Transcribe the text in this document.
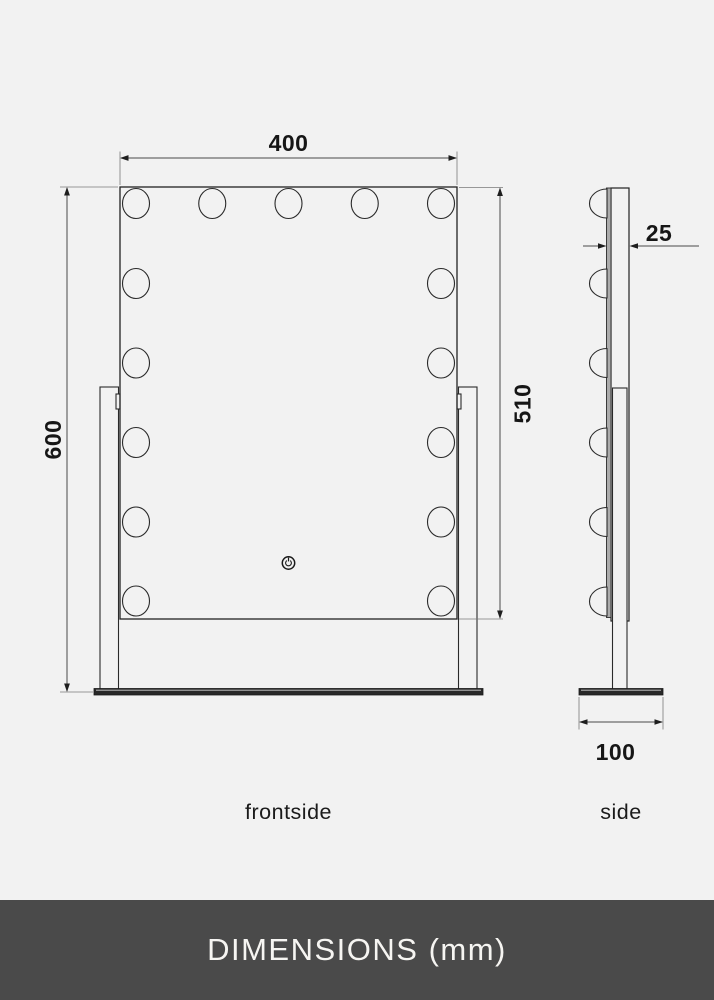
400
600
510
frontside
25
100
side
DIMENSIONS (mm)
